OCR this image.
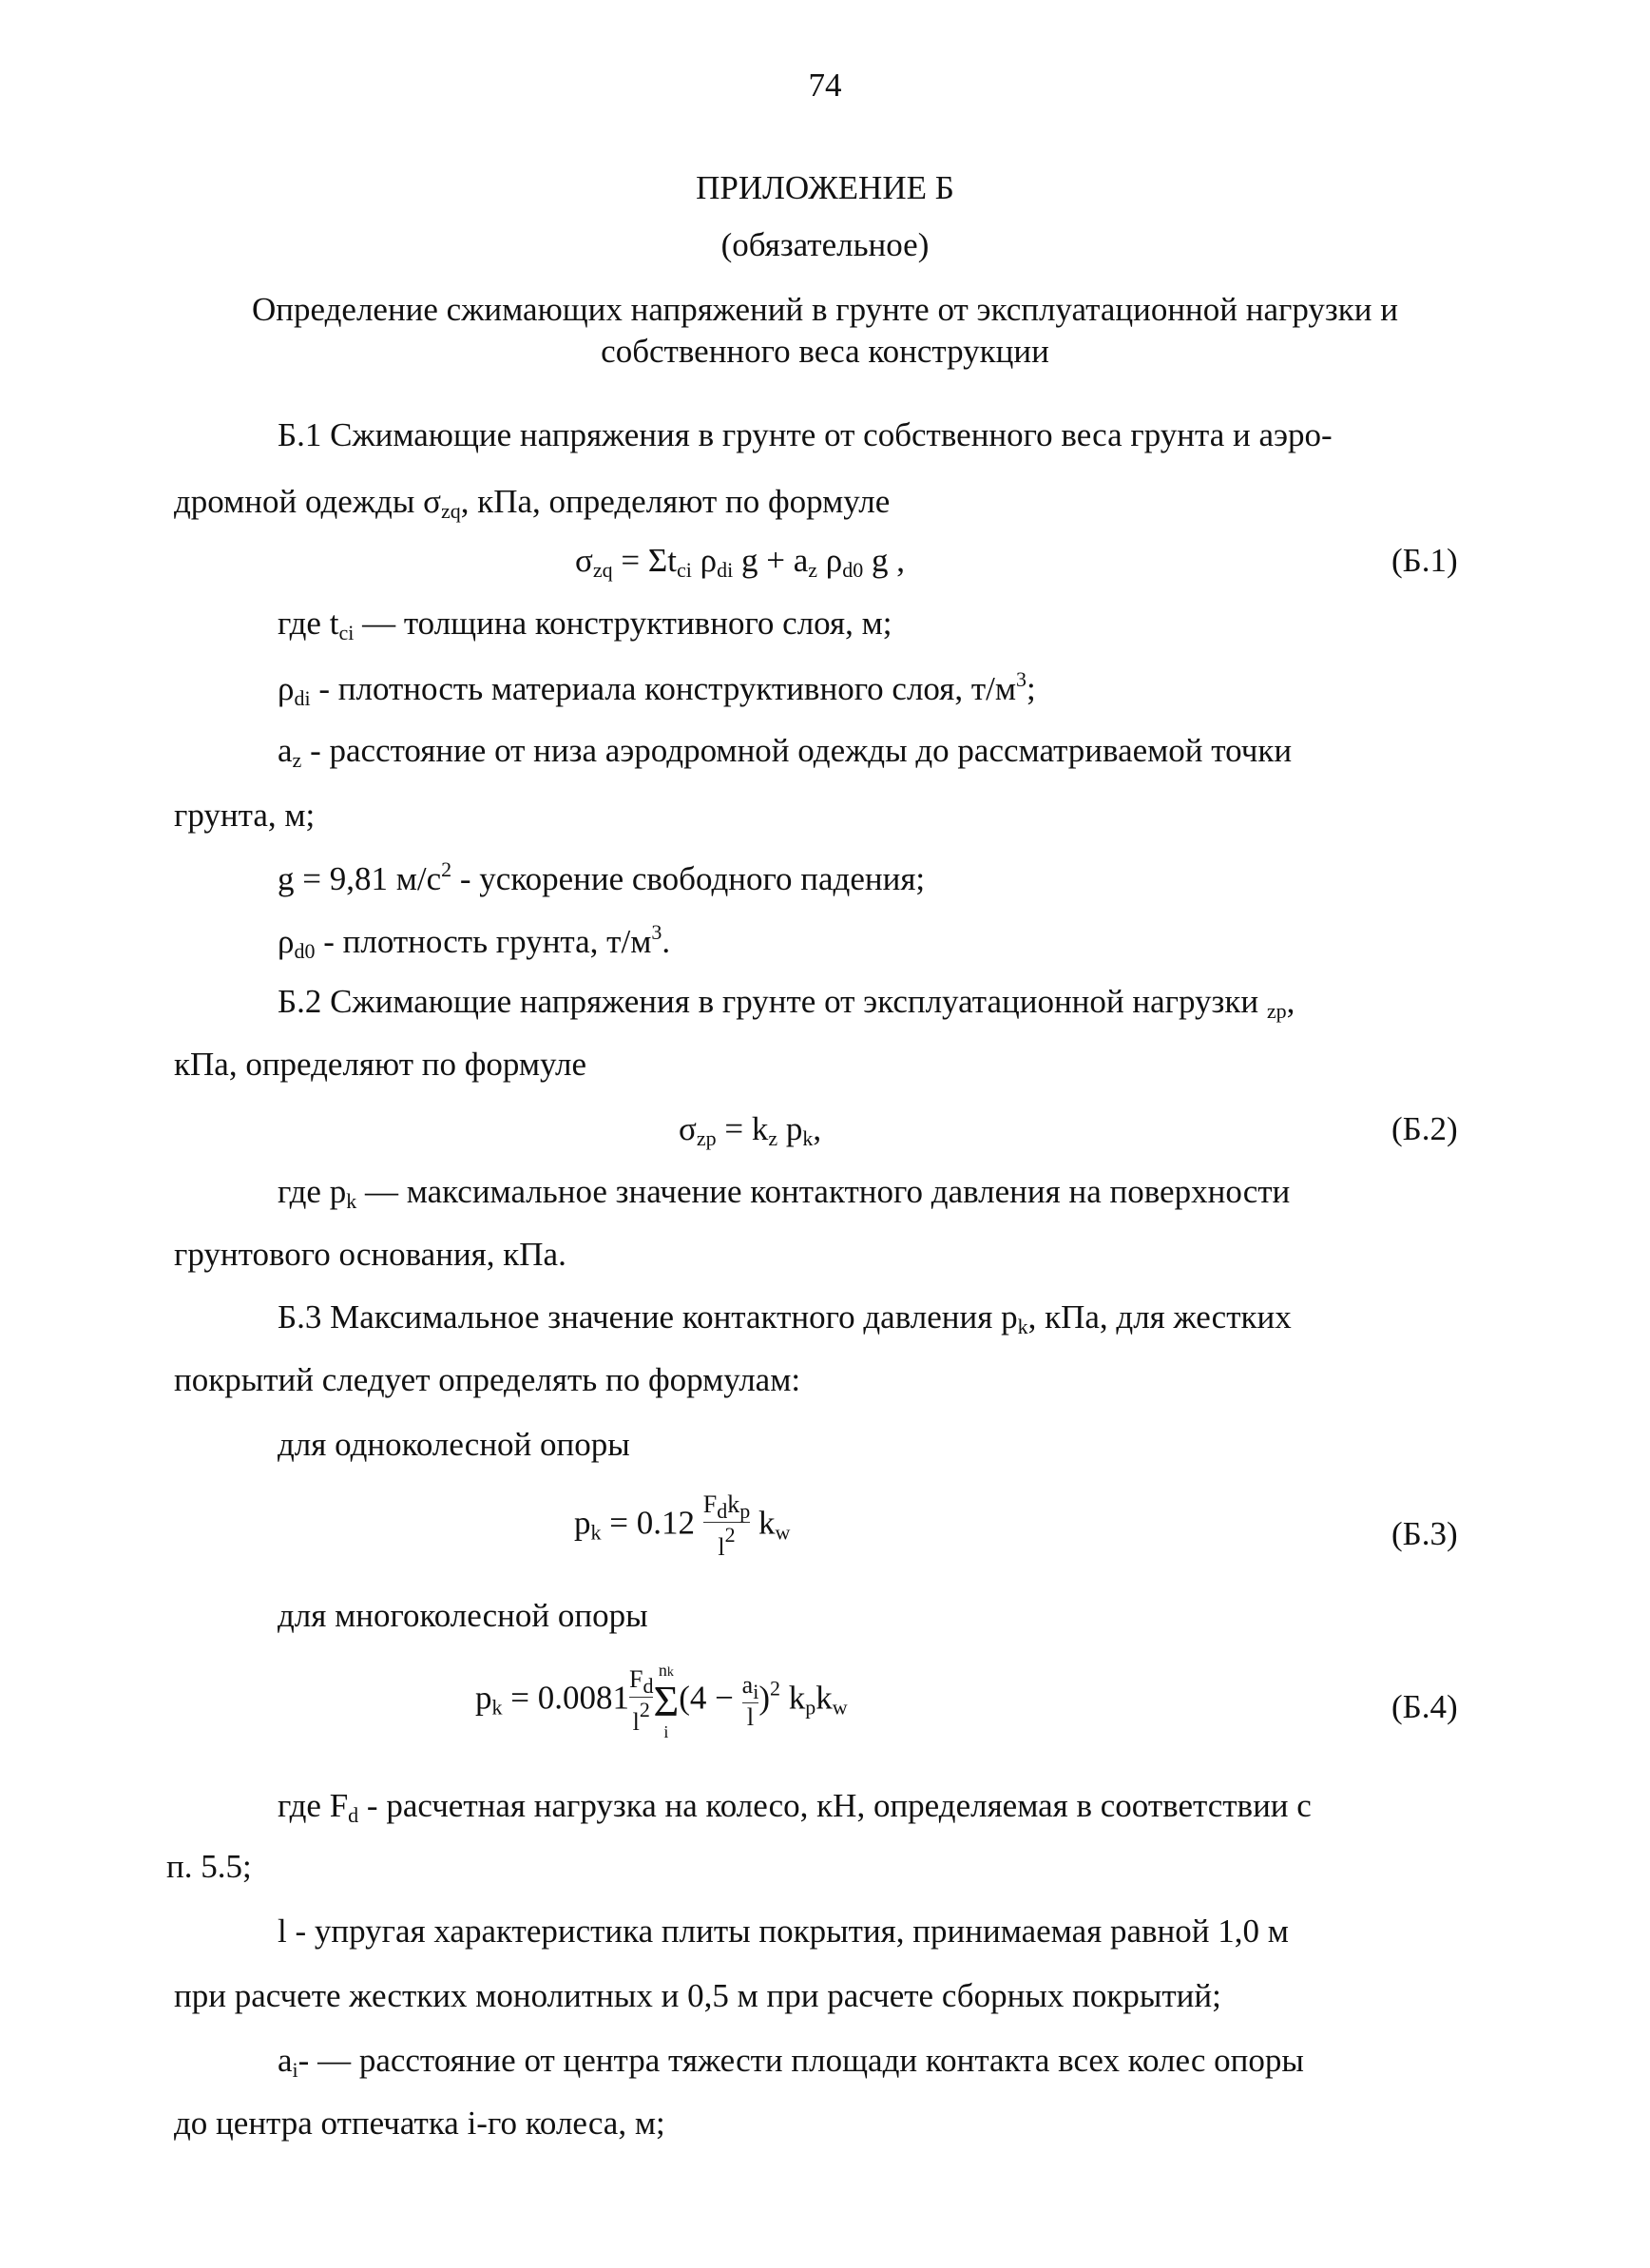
74
ПРИЛОЖЕНИЕ Б
(обязательное)
Определение сжимающих напряжений в грунте от эксплуатационной нагрузки и
собственного веса конструкции
Б.1 Сжимающие напряжения в грунте от собственного веса грунта и аэро-
дромной одежды $\sigma_{zq}$, кПа, определяют по формуле
$\sigma_{zq} = \Sigma t_{ci}$ $\rho_{di}$ $g + a_z$ $\rho_{d0}$ g ,	(Б.1)
где $t_{ci}$ — толщина конструктивного слоя, м;
$\rho_{di}$ - плотность материала конструктивного слоя, $т/м^3$;
$a_z$ - расстояние от низа аэродромной одежды до рассматриваемой точки
грунта, м;
g = 9,81 $м/с^2$ - ускорение свободного падения;
$\rho_{d0}$ - плотность грунта, $т/м^3$.
Б.2 Сжимающие напряжения в грунте от эксплуатационной нагрузки $_{zp}$,
кПа, определяют по формуле
$\sigma_{zp} = k_z$ $p_k$,	(Б.2)
где $p_k$ — максимальное значение контактного давления на поверхности
грунтового основания, кПа.
Б.3 Максимальное значение контактного давления $p_k$, кПа, для жестких
покрытий следует определять по формулам:
для одноколесной опоры
$p_k = 0.12 \frac{F_dk_p}{l^2} k_w$	(Б.3)
для многоколесной опоры
$p_k = 0.0081 \frac{F_d}{l^2}$ nk
Σ
$i(4 - \frac{a_i}{l} )^2$ $k_pk_w$	(Б.4)
где $F_d$ - расчетная нагрузка на колесо, кН, определяемая в соответствии с
п. 5.5;
l - упругая характеристика плиты покрытия, принимаемая равной 1,0 м
при расчете жестких монолитных и 0,5 м при расчете сборных покрытий;
$a_i-$ — расстояние от центра тяжести площади контакта всех колес опоры
до центра отпечатка i-го колеса, м;
